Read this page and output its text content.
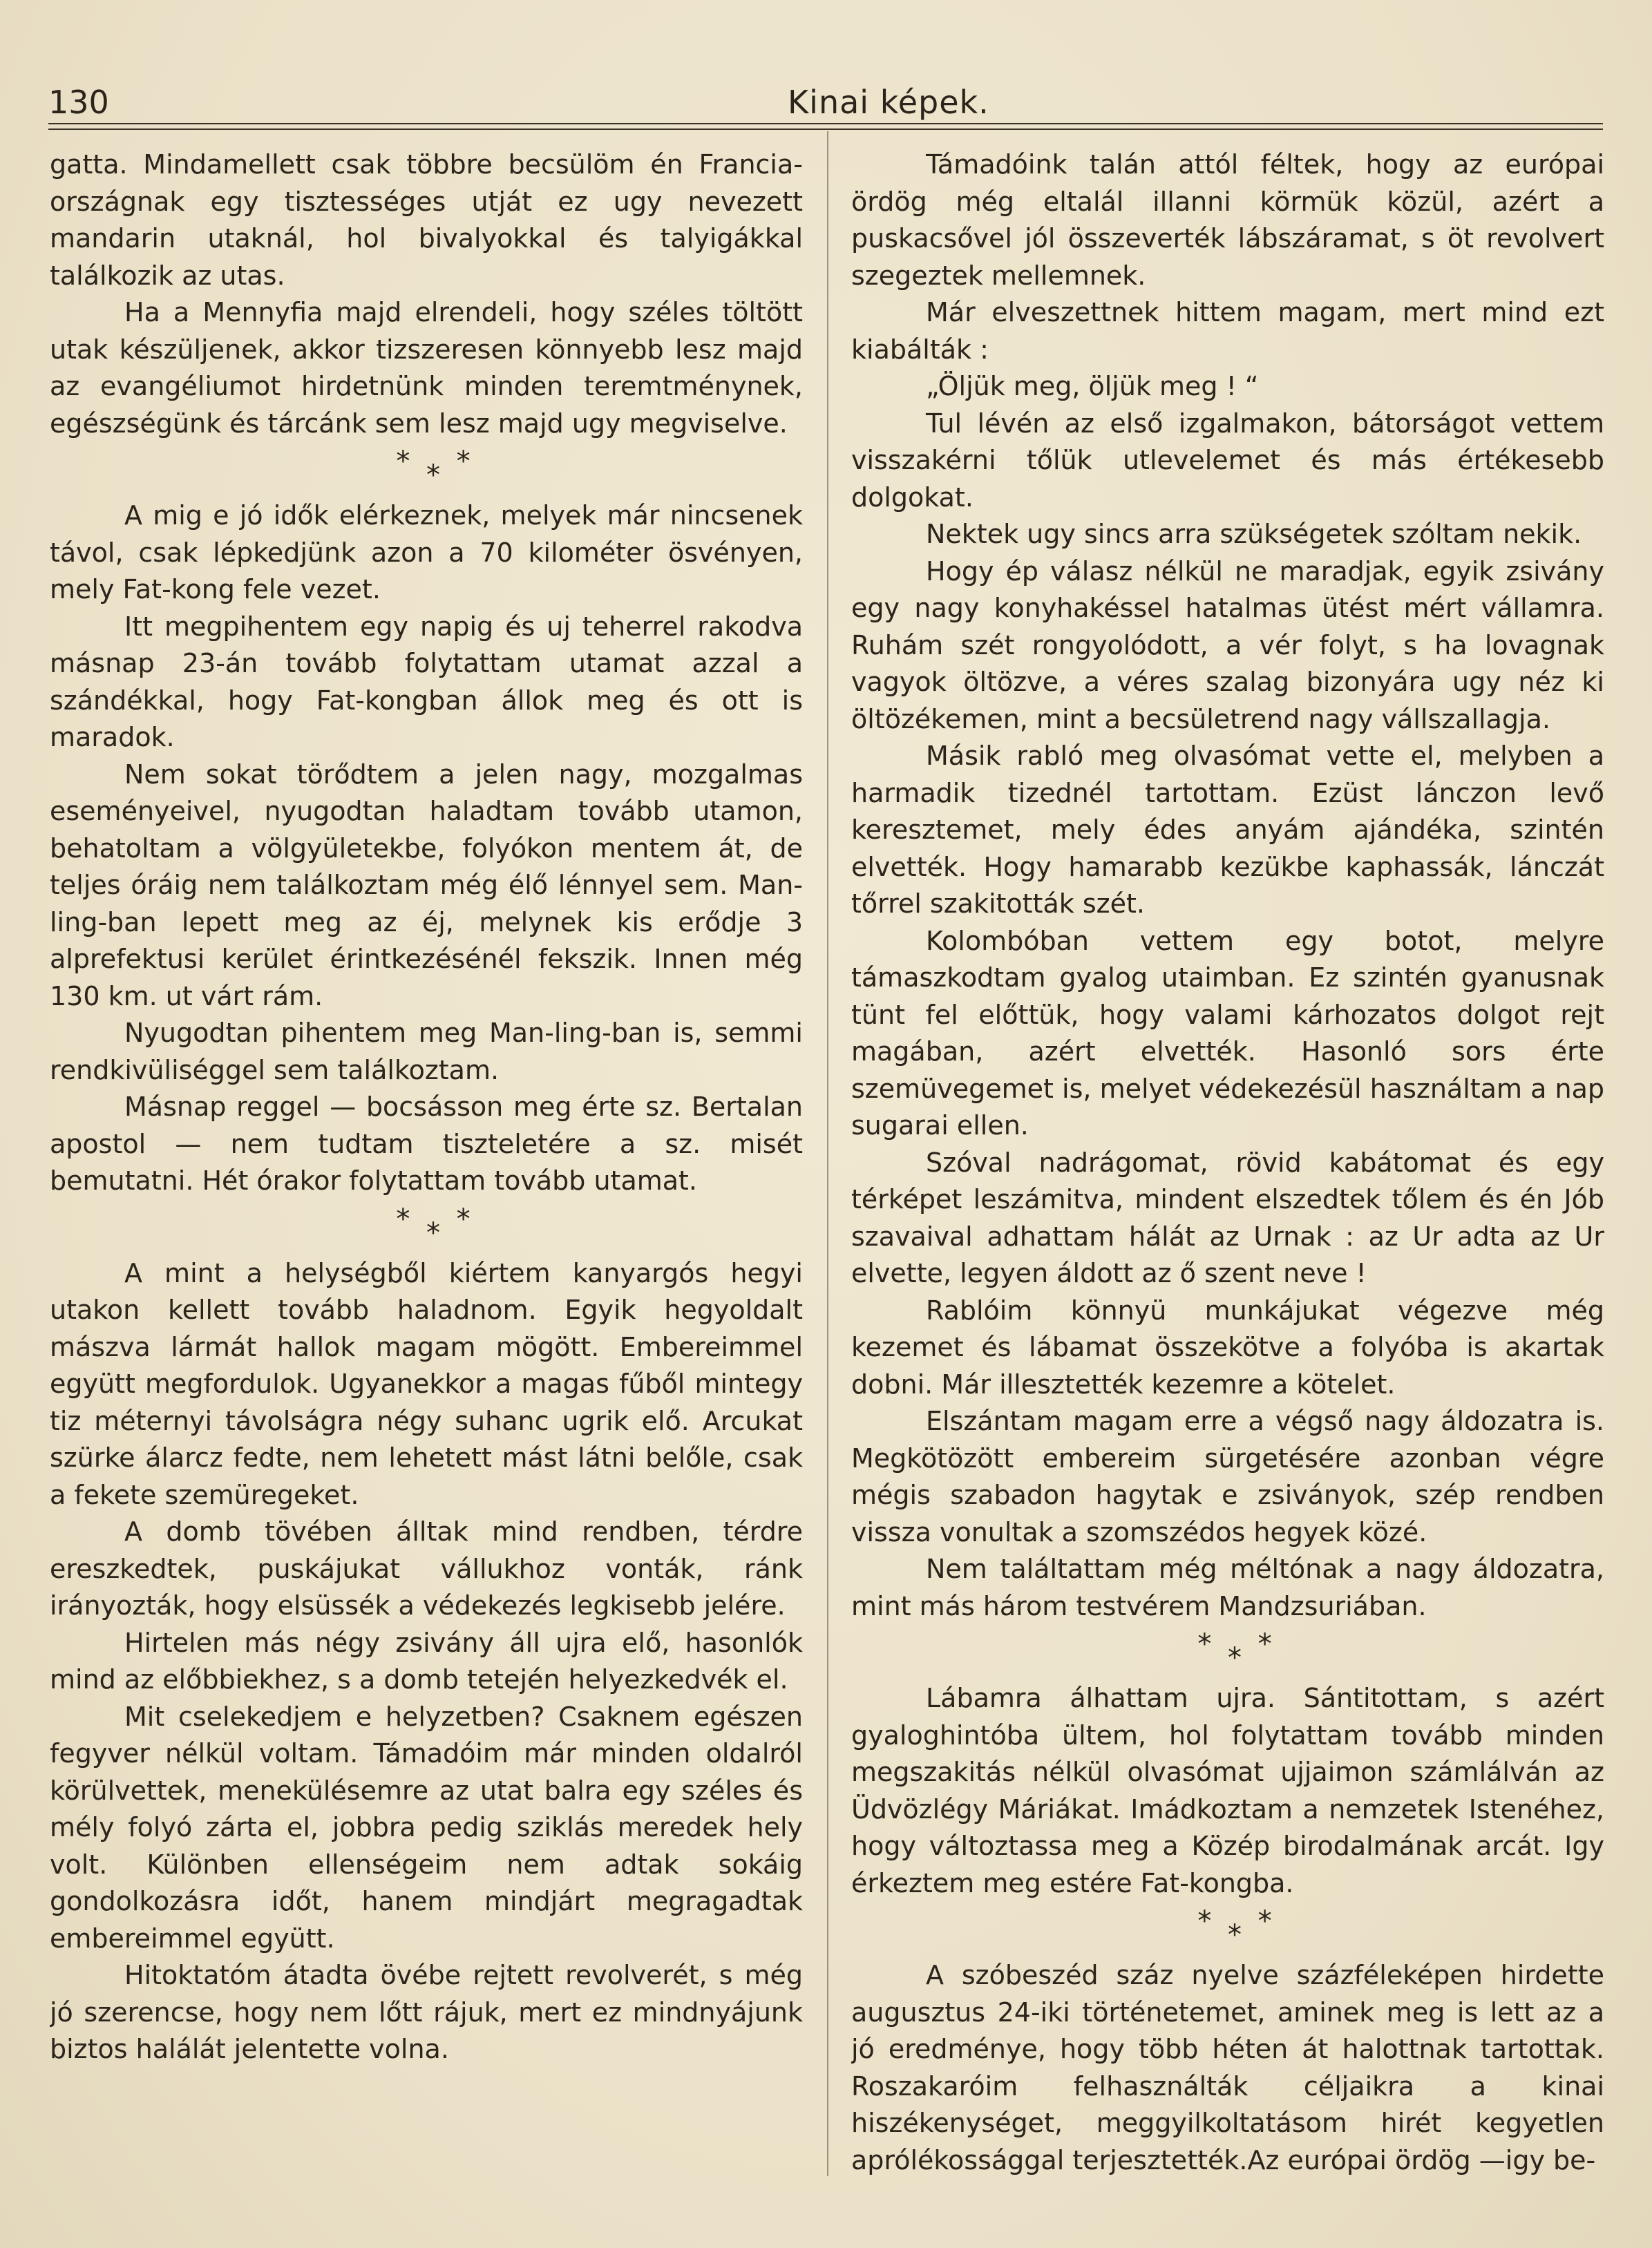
130	Kinai képek.

gatta. Mindamellett csak többre becsülöm én Francia-országnak egy tisztességes utját ez ugy nevezett mandarin utaknál, hol bivalyokkal és talyigákkal találkozik az utas.

Ha a Mennyfia majd elrendeli, hogy széles töltött utak készüljenek, akkor tizszeresen könnyebb lesz majd az evangéliumot hirdetnünk minden teremtménynek, egészségünk és tárcánk sem lesz majd ugy megviselve.

* * *

A mig e jó idők elérkeznek, melyek már nincsenek távol, csak lépkedjünk azon a 70 kilométer ösvényen, mely Fat-kong fele vezet.

Itt megpihentem egy napig és uj teherrel rakodva másnap 23-án tovább folytattam utamat azzal a szándékkal, hogy Fat-kongban állok meg és ott is maradok.

Nem sokat törődtem a jelen nagy, mozgalmas eseményeivel, nyugodtan haladtam tovább utamon, behatoltam a völgyületekbe, folyókon mentem át, de teljes óráig nem találkoztam még élő lénnyel sem. Man-ling-ban lepett meg az éj, melynek kis erődje 3 alprefektusi kerület érintkezésénél fekszik. Innen még 130 km. ut várt rám.

Nyugodtan pihentem meg Man-ling-ban is, semmi rendkivüliséggel sem találkoztam.

Másnap reggel — bocsásson meg érte sz. Bertalan apostol — nem tudtam tiszteletére a sz. misét bemutatni. Hét órakor folytattam tovább utamat.

* * *

A mint a helységből kiértem kanyargós hegyi utakon kellett tovább haladnom. Egyik hegyoldalt mászva lármát hallok magam mögött. Embereimmel együtt megfordulok. Ugyanekkor a magas fűből mintegy tiz méternyi távolságra négy suhanc ugrik elő. Arcukat szürke álarcz fedte, nem lehetett mást látni belőle, csak a fekete szemüregeket.

A domb tövében álltak mind rendben, térdre ereszkedtek, puskájukat vállukhoz vonták, ránk irányozták, hogy elsüssék a védekezés legkisebb jelére.

Hirtelen más négy zsivány áll ujra elő, hasonlók mind az előbbiekhez, s a domb tetején helyezkedvék el.

Mit cselekedjem e helyzetben? Csaknem egészen fegyver nélkül voltam. Támadóim már minden oldalról körülvettek, menekülésemre az utat balra egy széles és mély folyó zárta el, jobbra pedig sziklás meredek hely volt. Különben ellenségeim nem adtak sokáig gondolkozásra időt, hanem mindjárt megragadtak embereimmel együtt.

Hitoktatóm átadta övébe rejtett revolverét, s még jó szerencse, hogy nem lőtt rájuk, mert ez mindnyájunk biztos halálát jelentette volna.

Támadóink talán attól féltek, hogy az európai ördög még eltalál illanni körmük közül, azért a puskacsővel jól összeverték lábszáramat, s öt revolvert szegeztek mellemnek.

Már elveszettnek hittem magam, mert mind ezt kiabálták :

„Öljük meg, öljük meg ! “

Tul lévén az első izgalmakon, bátorságot vettem visszakérni tőlük utlevelemet és más értékesebb dolgokat.

Nektek ugy sincs arra szükségetek szóltam nekik.

Hogy ép válasz nélkül ne maradjak, egyik zsivány egy nagy konyhakéssel hatalmas ütést mért vállamra. Ruhám szét rongyolódott, a vér folyt, s ha lovagnak vagyok öltözve, a véres szalag bizonyára ugy néz ki öltözékemen, mint a becsületrend nagy vállszallagja.

Másik rabló meg olvasómat vette el, melyben a harmadik tizednél tartottam. Ezüst lánczon levő keresztemet, mely édes anyám ajándéka, szintén elvették. Hogy hamarabb kezükbe kaphassák, lánczát tőrrel szakitották szét.

Kolombóban vettem egy botot, melyre támaszkodtam gyalog utaimban. Ez szintén gyanusnak tünt fel előttük, hogy valami kárhozatos dolgot rejt magában, azért elvették. Hasonló sors érte szemüvegemet is, melyet védekezésül használtam a nap sugarai ellen.

Szóval nadrágomat, rövid kabátomat és egy térképet leszámitva, mindent elszedtek tőlem és én Jób szavaival adhattam hálát az Urnak : az Ur adta az Ur elvette, legyen áldott az ő szent neve !

Rablóim könnyü munkájukat végezve még kezemet és lábamat összekötve a folyóba is akartak dobni. Már illesztették kezemre a kötelet.

Elszántam magam erre a végső nagy áldozatra is. Megkötözött embereim sürgetésére azonban végre mégis szabadon hagytak e zsiványok, szép rendben vissza vonultak a szomszédos hegyek közé.

Nem találtattam még méltónak a nagy áldozatra, mint más három testvérem Mandzsuriában.

* * *

Lábamra álhattam ujra. Sántitottam, s azért gyaloghintóba ültem, hol folytattam tovább minden megszakitás nélkül olvasómat ujjaimon számlálván az Üdvözlégy Máriákat. Imádkoztam a nemzetek Istenéhez, hogy változtassa meg a Közép birodalmának arcát. Igy érkeztem meg estére Fat-kongba.

* * *

A szóbeszéd száz nyelve százféleképen hirdette augusztus 24-iki történetemet, aminek meg is lett az a jó eredménye, hogy több héten át halottnak tartottak. Roszakaróim felhasználták céljaikra a kinai hiszékenységet, meggyilkoltatásom hirét kegyetlen aprólékossággal terjesztették.Az európai ördög —igy be-
